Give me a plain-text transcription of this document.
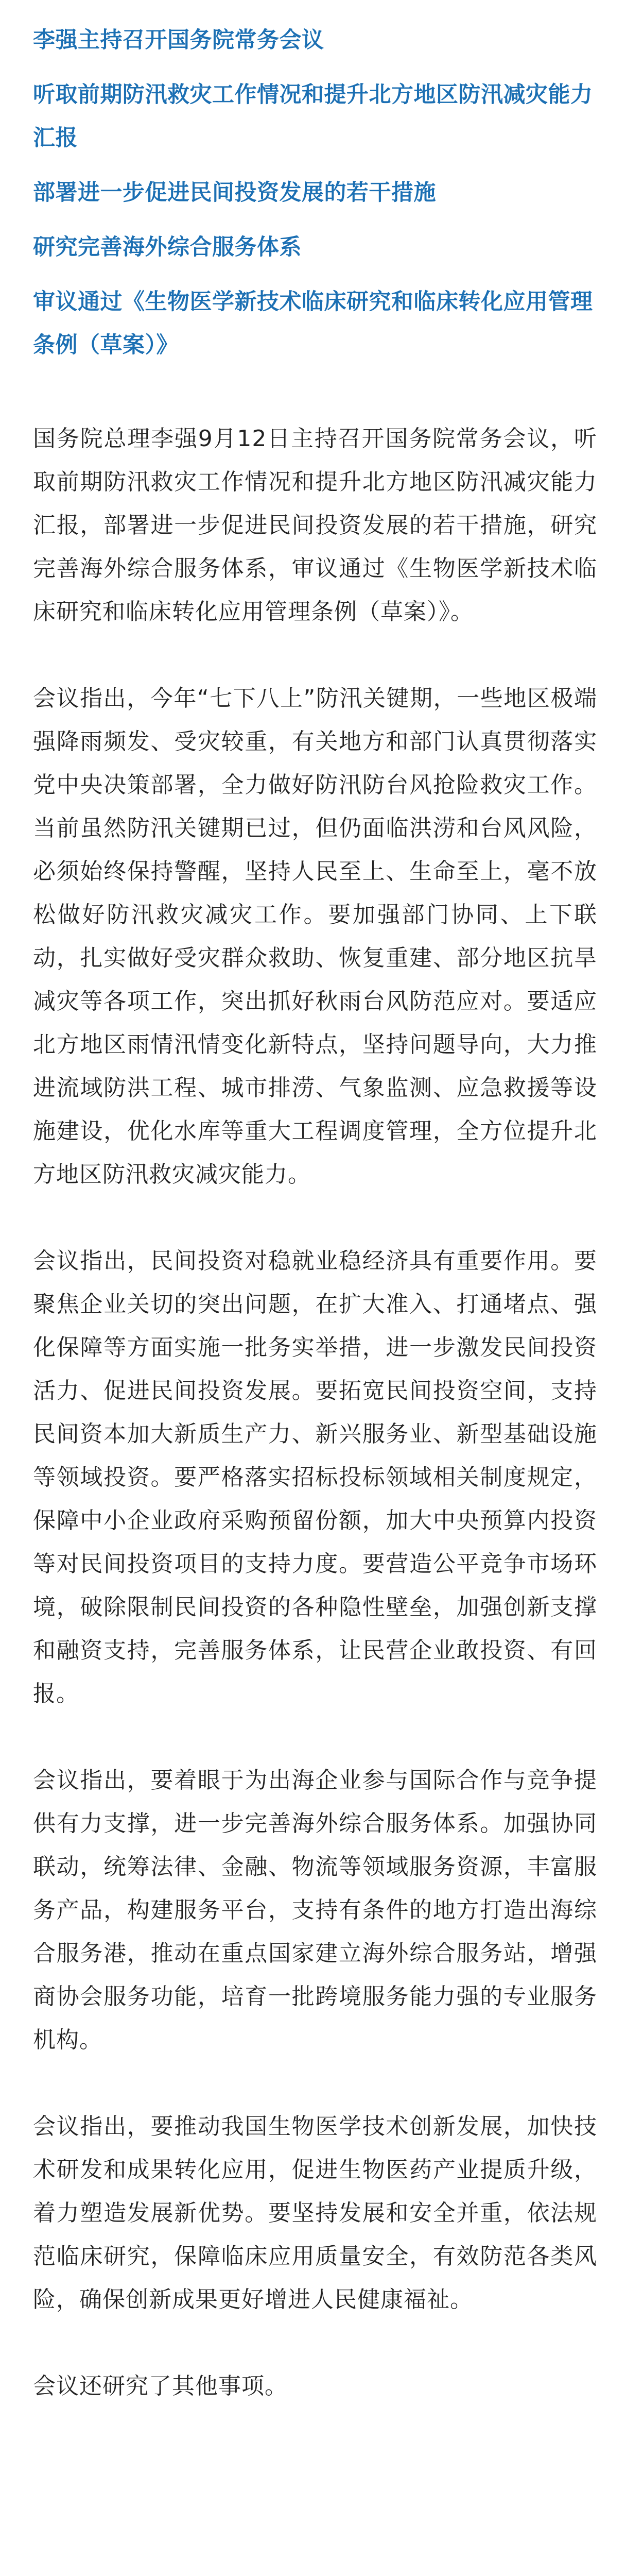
李强主持召开国务院常务会议
听取前期防汛救灾工作情况和提升北方地区防汛减灾能力汇报
部署进一步促进民间投资发展的若干措施
研究完善海外综合服务体系
审议通过《生物医学新技术临床研究和临床转化应用管理条例（草案）》

国务院总理李强9月12日主持召开国务院常务会议，听取前期防汛救灾工作情况和提升北方地区防汛减灾能力汇报，部署进一步促进民间投资发展的若干措施，研究完善海外综合服务体系，审议通过《生物医学新技术临床研究和临床转化应用管理条例（草案）》。

会议指出，今年“七下八上”防汛关键期，一些地区极端强降雨频发、受灾较重，有关地方和部门认真贯彻落实党中央决策部署，全力做好防汛防台风抢险救灾工作。当前虽然防汛关键期已过，但仍面临洪涝和台风风险，必须始终保持警醒，坚持人民至上、生命至上，毫不放松做好防汛救灾减灾工作。要加强部门协同、上下联动，扎实做好受灾群众救助、恢复重建、部分地区抗旱减灾等各项工作，突出抓好秋雨台风防范应对。要适应北方地区雨情汛情变化新特点，坚持问题导向，大力推进流域防洪工程、城市排涝、气象监测、应急救援等设施建设，优化水库等重大工程调度管理，全方位提升北方地区防汛救灾减灾能力。

会议指出，民间投资对稳就业稳经济具有重要作用。要聚焦企业关切的突出问题，在扩大准入、打通堵点、强化保障等方面实施一批务实举措，进一步激发民间投资活力、促进民间投资发展。要拓宽民间投资空间，支持民间资本加大新质生产力、新兴服务业、新型基础设施等领域投资。要严格落实招标投标领域相关制度规定，保障中小企业政府采购预留份额，加大中央预算内投资等对民间投资项目的支持力度。要营造公平竞争市场环境，破除限制民间投资的各种隐性壁垒，加强创新支撑和融资支持，完善服务体系，让民营企业敢投资、有回报。

会议指出，要着眼于为出海企业参与国际合作与竞争提供有力支撑，进一步完善海外综合服务体系。加强协同联动，统筹法律、金融、物流等领域服务资源，丰富服务产品，构建服务平台，支持有条件的地方打造出海综合服务港，推动在重点国家建立海外综合服务站，增强商协会服务功能，培育一批跨境服务能力强的专业服务机构。

会议指出，要推动我国生物医学技术创新发展，加快技术研发和成果转化应用，促进生物医药产业提质升级，着力塑造发展新优势。要坚持发展和安全并重，依法规范临床研究，保障临床应用质量安全，有效防范各类风险，确保创新成果更好增进人民健康福祉。

会议还研究了其他事项。
